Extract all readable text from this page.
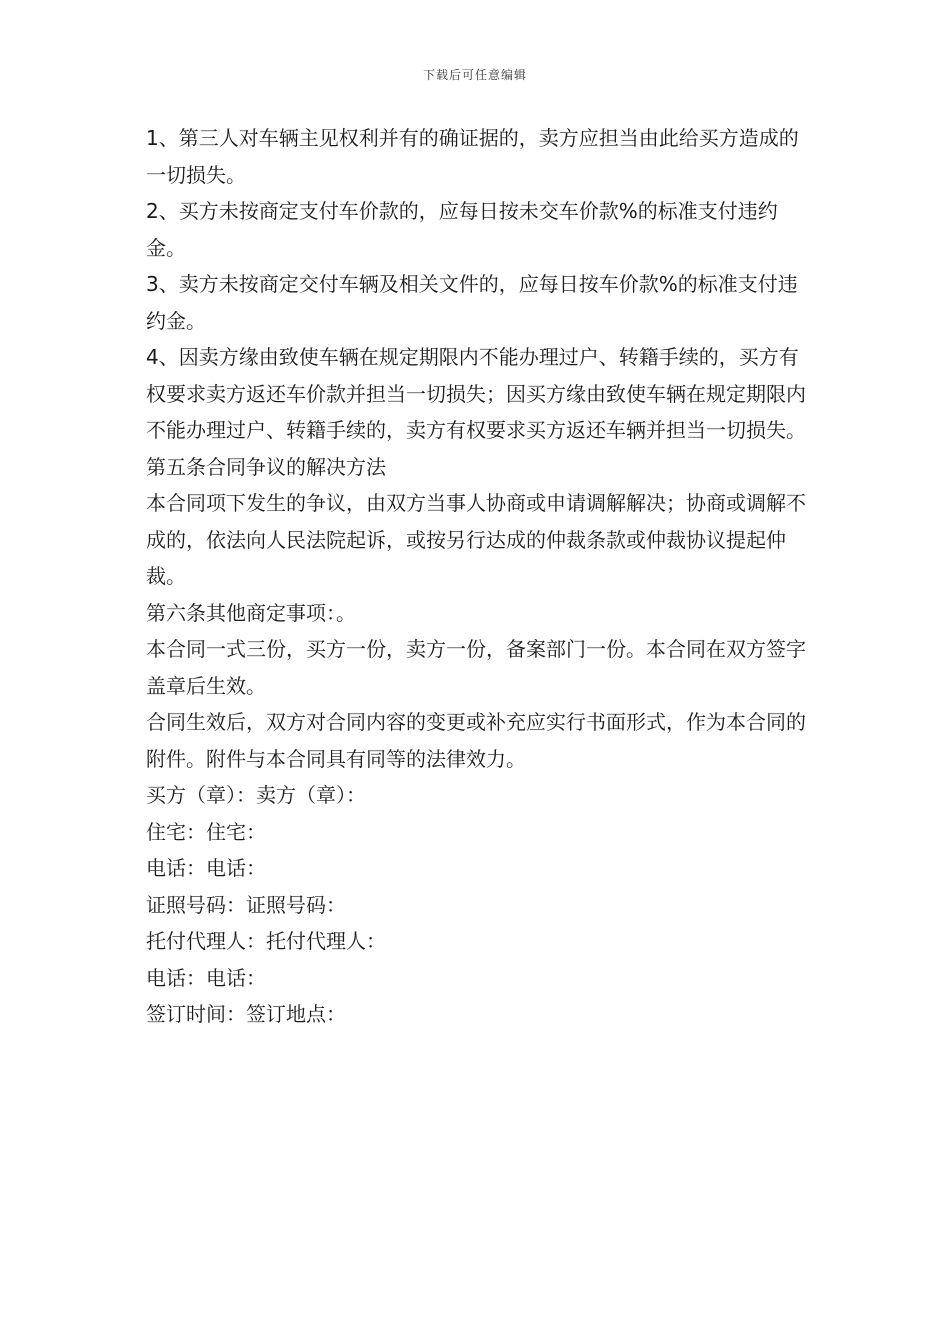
下载后可任意编辑

1、第三人对车辆主见权利并有的确证据的，卖方应担当由此给买方造成的一切损失。

2、买方未按商定支付车价款的，应每日按未交车价款%的标准支付违约金。

3、卖方未按商定交付车辆及相关文件的，应每日按车价款%的标准支付违约金。

4、因卖方缘由致使车辆在规定期限内不能办理过户、转籍手续的，买方有权要求卖方返还车价款并担当一切损失；因买方缘由致使车辆在规定期限内不能办理过户、转籍手续的，卖方有权要求买方返还车辆并担当一切损失。

第五条合同争议的解决方法

本合同项下发生的争议，由双方当事人协商或申请调解解决；协商或调解不成的，依法向人民法院起诉，或按另行达成的仲裁条款或仲裁协议提起仲裁。

第六条其他商定事项：。

本合同一式三份，买方一份，卖方一份，备案部门一份。本合同在双方签字盖章后生效。

合同生效后，双方对合同内容的变更或补充应实行书面形式，作为本合同的附件。附件与本合同具有同等的法律效力。

买方（章）：卖方（章）：

住宅：住宅：

电话：电话：

证照号码：证照号码：

托付代理人：托付代理人：

电话：电话：

签订时间：签订地点：
